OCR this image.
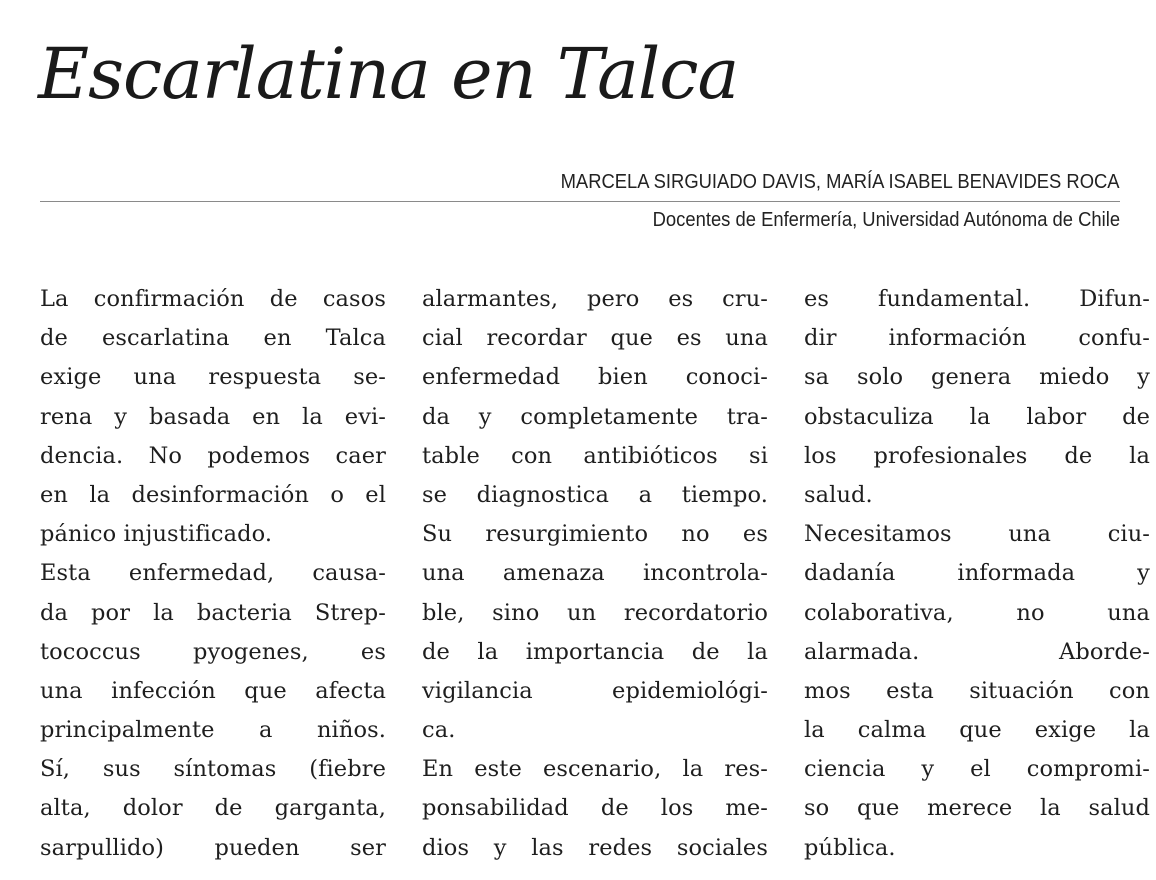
Escarlatina en Talca
MARCELA SIRGUIADO DAVIS, MARÍA ISABEL BENAVIDES ROCA
Docentes de Enfermería, Universidad Autónoma de Chile
La confirmación de casos
de escarlatina en Talca
exige una respuesta se-
rena y basada en la evi-
dencia. No podemos caer
en la desinformación o el
pánico injustificado.
Esta enfermedad, causa-
da por la bacteria Strep-
tococcus pyogenes, es
una infección que afecta
principalmente a niños.
Sí, sus síntomas (fiebre
alta, dolor de garganta,
sarpullido) pueden ser
alarmantes, pero es cru-
cial recordar que es una
enfermedad bien conoci-
da y completamente tra-
table con antibióticos si
se diagnostica a tiempo.
Su resurgimiento no es
una amenaza incontrola-
ble, sino un recordatorio
de la importancia de la
vigilancia epidemiológi-
ca.
En este escenario, la res-
ponsabilidad de los me-
dios y las redes sociales
es fundamental. Difun-
dir información confu-
sa solo genera miedo y
obstaculiza la labor de
los profesionales de la
salud.
Necesitamos una ciu-
dadanía informada y
colaborativa, no una
alarmada. Aborde-
mos esta situación con
la calma que exige la
ciencia y el compromi-
so que merece la salud
pública.
